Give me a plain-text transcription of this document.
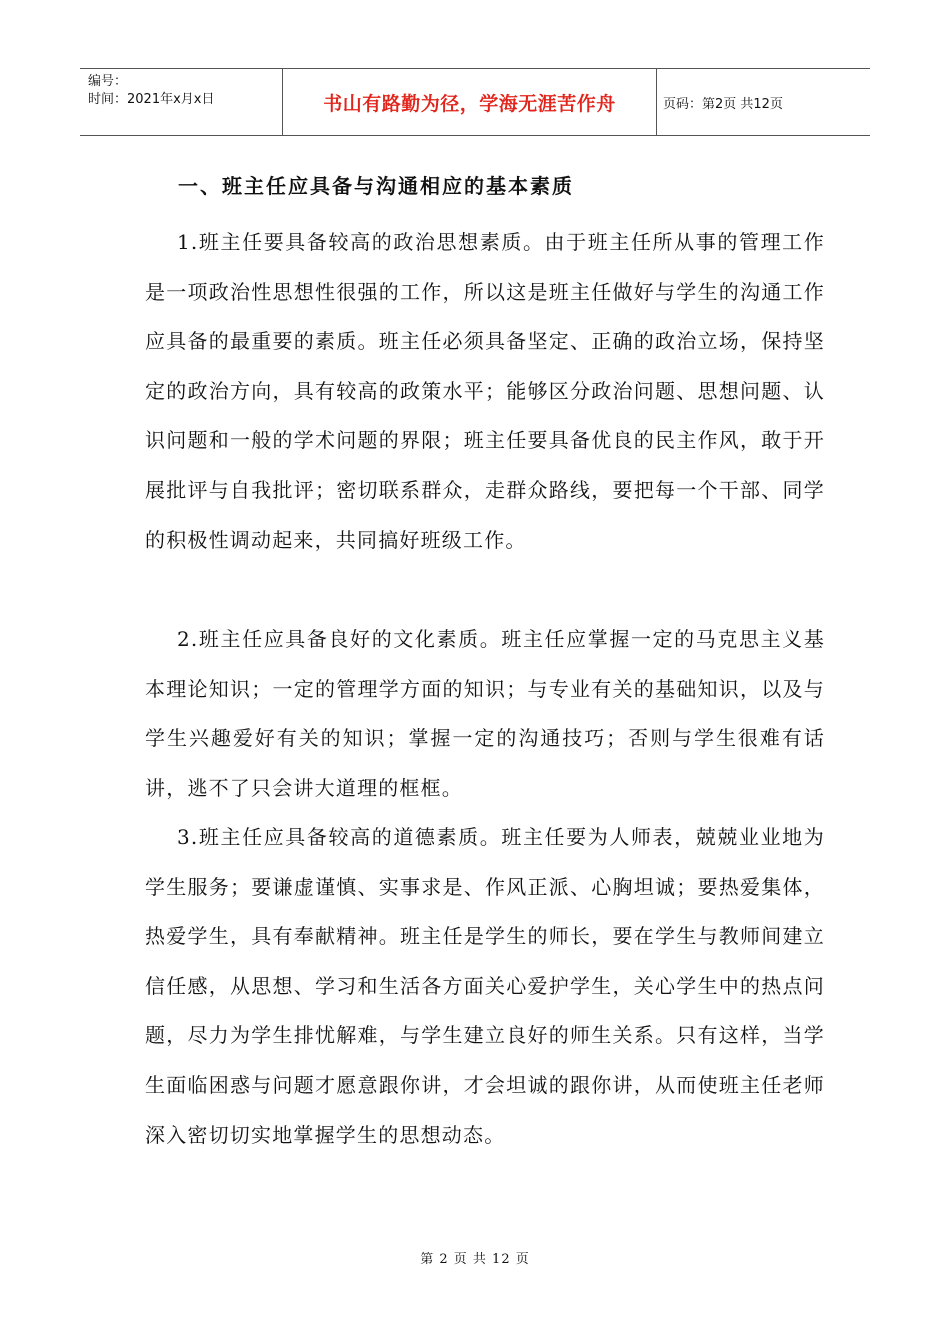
编号：
时间：2021年x月x日	书山有路勤为径，学海无涯苦作舟	页码：第2页 共12页
一、班主任应具备与沟通相应的基本素质

1.班主任要具备较高的政治思想素质。由于班主任所从事的管理工作是一项政治性思想性很强的工作，所以这是班主任做好与学生的沟通工作应具备的最重要的素质。班主任必须具备坚定、正确的政治立场，保持坚定的政治方向，具有较高的政策水平；能够区分政治问题、思想问题、认识问题和一般的学术问题的界限；班主任要具备优良的民主作风，敢于开展批评与自我批评；密切联系群众，走群众路线，要把每一个干部、同学的积极性调动起来，共同搞好班级工作。

2.班主任应具备良好的文化素质。班主任应掌握一定的马克思主义基本理论知识；一定的管理学方面的知识；与专业有关的基础知识，以及与学生兴趣爱好有关的知识；掌握一定的沟通技巧；否则与学生很难有话讲，逃不了只会讲大道理的框框。

3.班主任应具备较高的道德素质。班主任要为人师表，兢兢业业地为学生服务；要谦虚谨慎、实事求是、作风正派、心胸坦诚；要热爱集体，热爱学生，具有奉献精神。班主任是学生的师长，要在学生与教师间建立信任感，从思想、学习和生活各方面关心爱护学生，关心学生中的热点问题，尽力为学生排忧解难，与学生建立良好的师生关系。只有这样，当学生面临困惑与问题才愿意跟你讲，才会坦诚的跟你讲，从而使班主任老师深入密切切实地掌握学生的思想动态。

第 2 页 共 12 页
